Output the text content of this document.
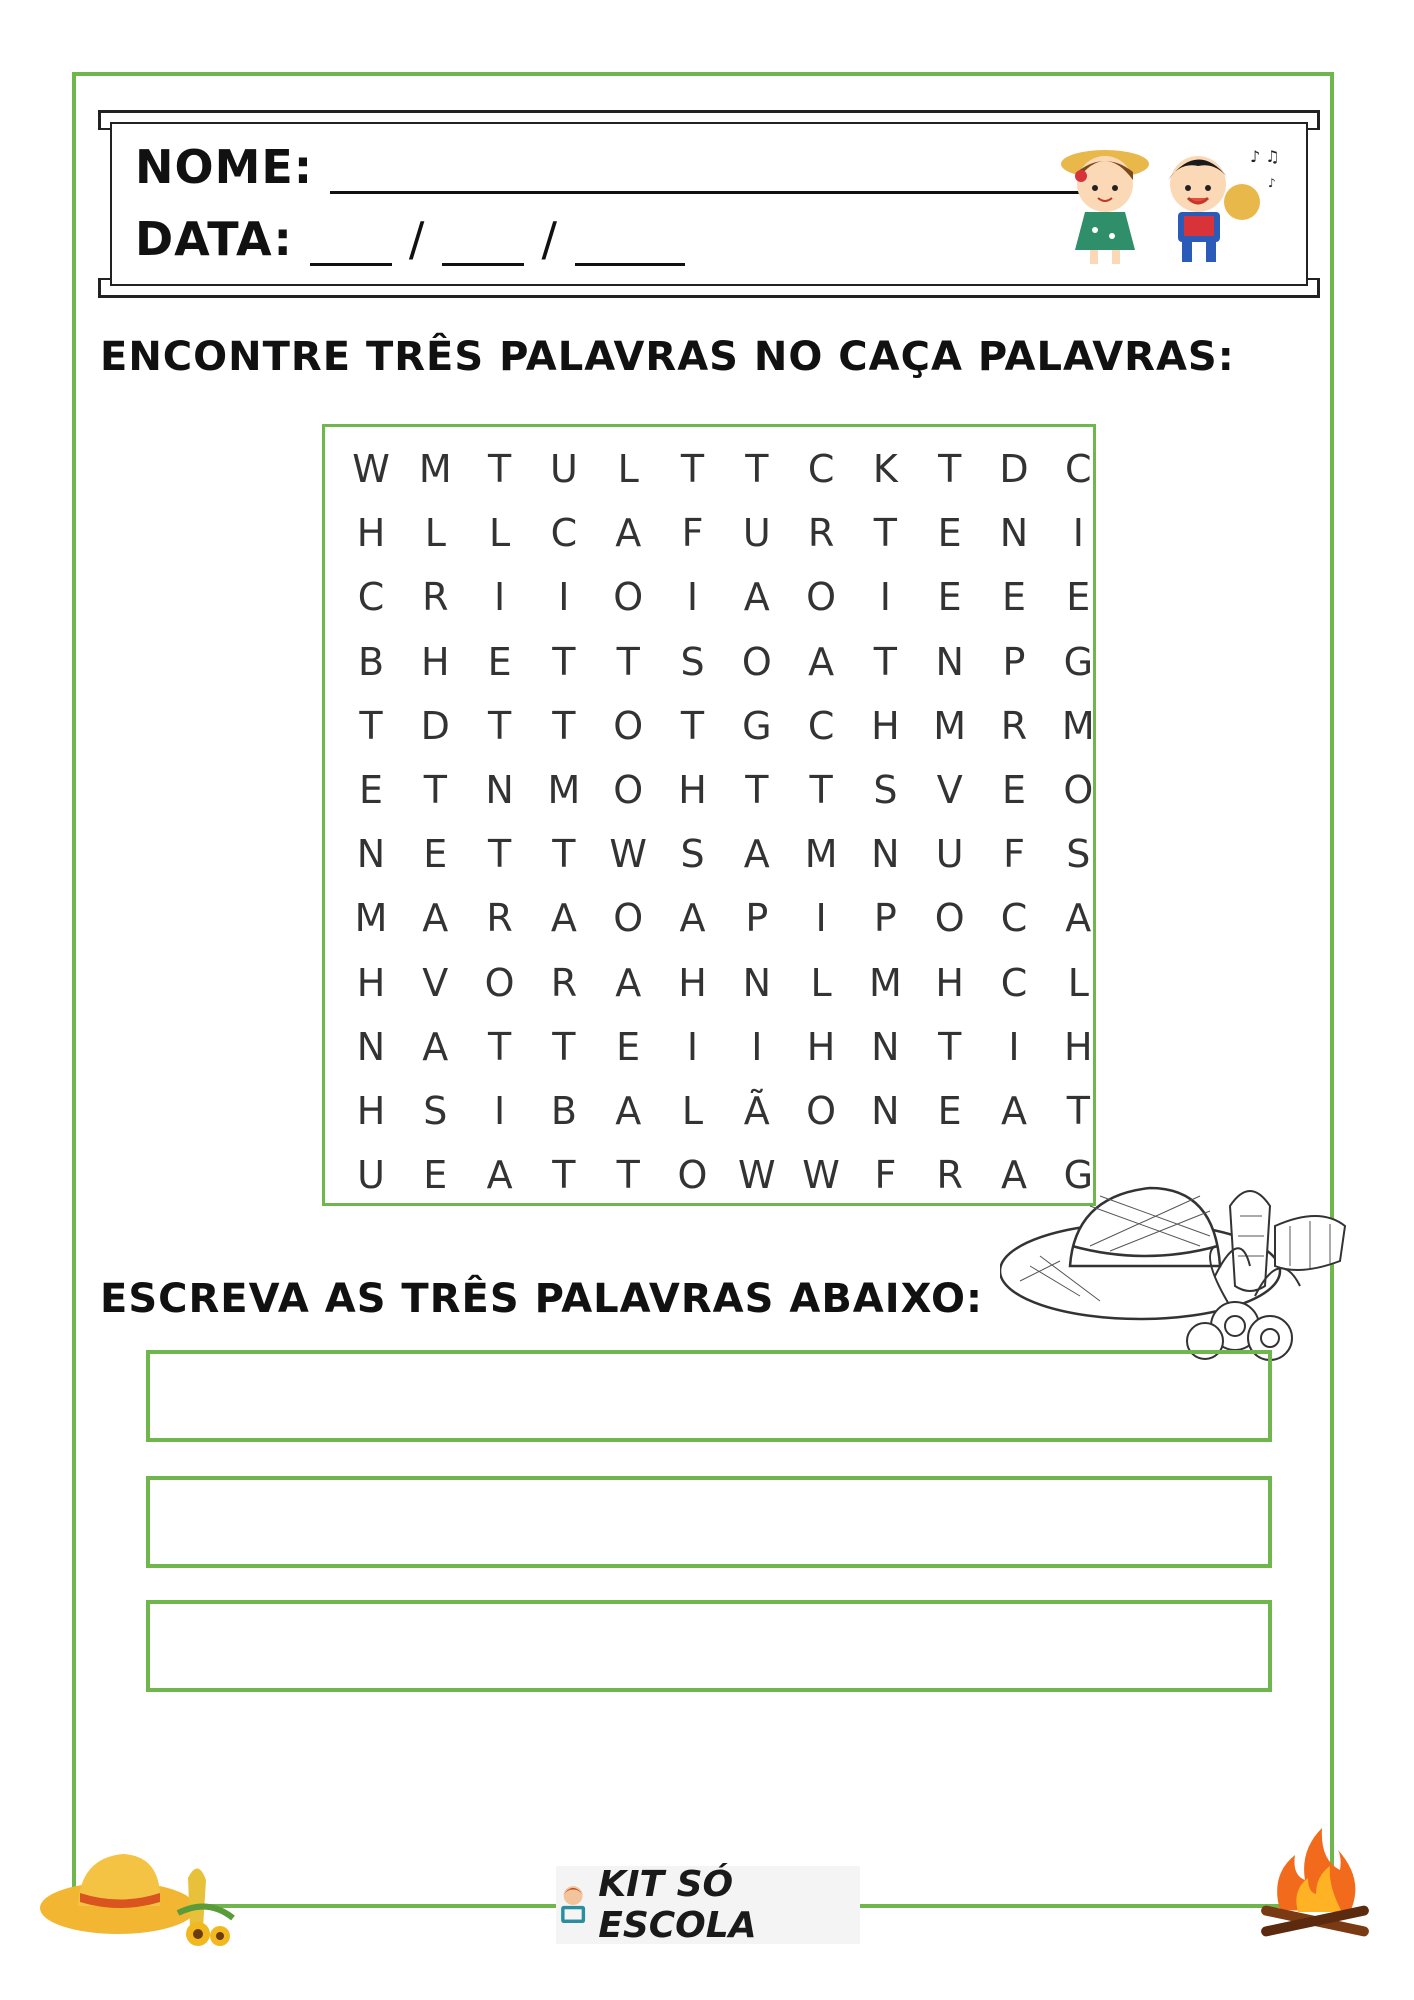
NOME:
DATA:	/	/
♪ ♫
♪
ENCONTRE TRÊS PALAVRAS NO CAÇA PALAVRAS:
W M T	U	L	T	T	C	K	T	D C
H	L	L	C	A	F	U R	T	E	N	I
C R	I	I	O	I	A O	I	E	E	E
B H	E	T	T	S O A	T	N	P	G
T	D	T	T O T G C H M R M
E	T	N M O H	T	T	S	V	E O
N	E	T	T W S	A M N U	F	S
M A	R	A O A	P	I	P O C	A
H V O R	A H N	L M H C	L
N A	T	T	E	I	I	H N	T	I	H
H S	I	B	A	L	Ã O N	E	A	T
U	E	A	T	T O W W F	R	A G
ESCREVA AS TRÊS PALAVRAS ABAIXO:
KIT SÓ ESCOLA
